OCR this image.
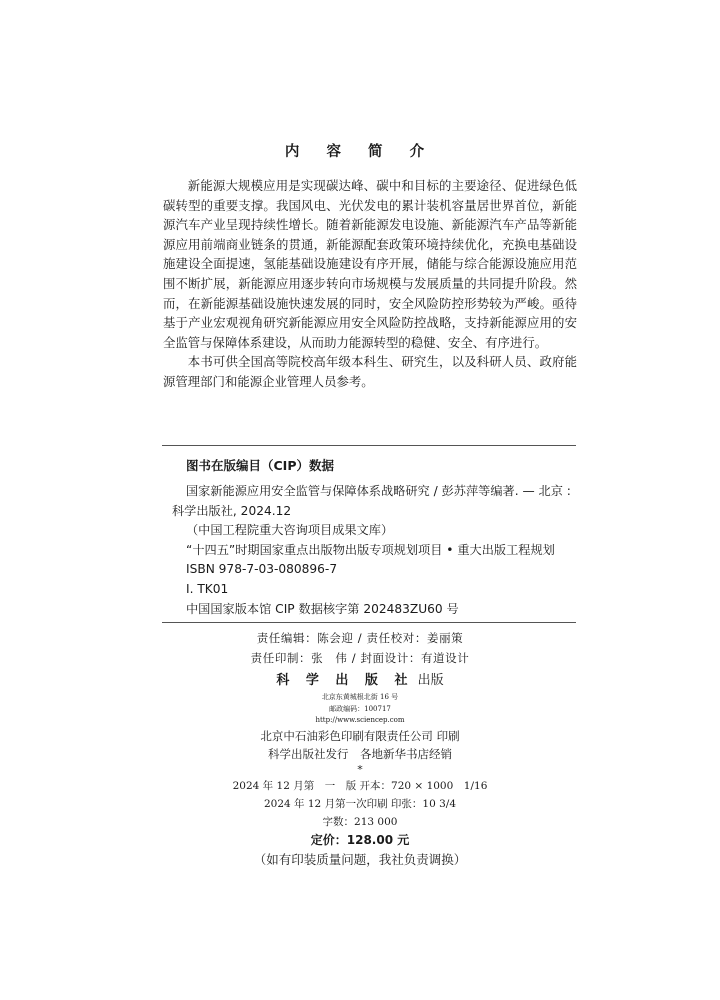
内 容 简 介

新能源大规模应用是实现碳达峰、碳中和目标的主要途径、促进绿色低碳转型的重要支撑。我国风电、光伏发电的累计装机容量居世界首位，新能源汽车产业呈现持续性增长。随着新能源发电设施、新能源汽车产品等新能源应用前端商业链条的贯通，新能源配套政策环境持续优化，充换电基础设施建设全面提速，氢能基础设施建设有序开展，储能与综合能源设施应用范围不断扩展，新能源应用逐步转向市场规模与发展质量的共同提升阶段。然而，在新能源基础设施快速发展的同时，安全风险防控形势较为严峻。亟待基于产业宏观视角研究新能源应用安全风险防控战略，支持新能源应用的安全监管与保障体系建设，从而助力能源转型的稳健、安全、有序进行。

本书可供全国高等院校高年级本科生、研究生，以及科研人员、政府能源管理部门和能源企业管理人员参考。

图书在版编目（CIP）数据
国家新能源应用安全监管与保障体系战略研究 / 彭苏萍等编著. — 北京 :
科学出版社, 2024.12
（中国工程院重大咨询项目成果文库）
“十四五”时期国家重点出版物出版专项规划项目 • 重大出版工程规划
ISBN 978-7-03-080896-7
Ⅰ. TK01
中国国家版本馆 CIP 数据核字第 202483ZU60 号
责任编辑：陈会迎 / 责任校对：姜丽策
责任印制：张　伟 / 封面设计：有道设计
科 学 出 版 社 出版
北京东黄城根北街 16 号
邮政编码：100717
http://www.sciencep.com
北京中石油彩色印刷有限责任公司 印刷
科学出版社发行　各地新华书店经销
*
2024 年 12 月第　一　版 开本：720 × 1000　1/16
2024 年 12 月第一次印刷 印张：10 3/4
字数：213 000
定价：128.00 元
（如有印装质量问题，我社负责调换）
